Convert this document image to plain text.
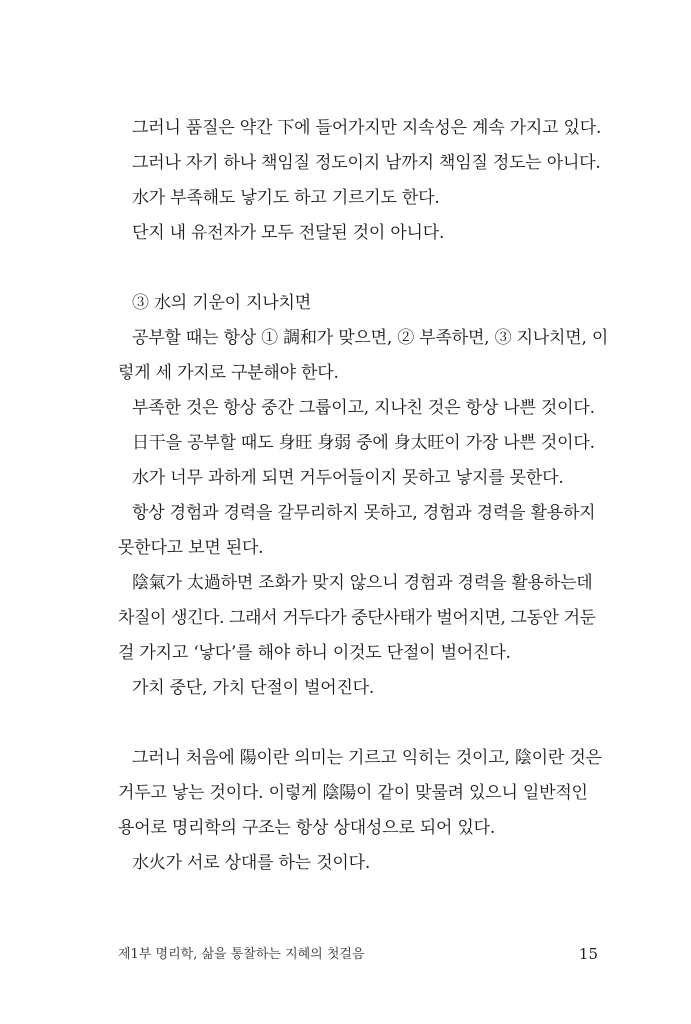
그러니 품질은 약간 下에 들어가지만 지속성은 계속 가지고 있다.
그러나 자기 하나 책임질 정도이지 남까지 책임질 정도는 아니다.
水가 부족해도 낳기도 하고 기르기도 한다.
단지 내 유전자가 모두 전달된 것이 아니다.
③ 水의 기운이 지나치면
공부할 때는 항상 ① 調和가 맞으면, ② 부족하면, ③ 지나치면, 이
렇게 세 가지로 구분해야 한다.
부족한 것은 항상 중간 그룹이고, 지나친 것은 항상 나쁜 것이다.
日干을 공부할 때도 身旺 身弱 중에 身太旺이 가장 나쁜 것이다.
水가 너무 과하게 되면 거두어들이지 못하고 낳지를 못한다.
항상 경험과 경력을 갈무리하지 못하고, 경험과 경력을 활용하지
못한다고 보면 된다.
陰氣가 太過하면 조화가 맞지 않으니 경험과 경력을 활용하는데
차질이 생긴다. 그래서 거두다가 중단사태가 벌어지면, 그동안 거둔
걸 가지고 ‘낳다’를 해야 하니 이것도 단절이 벌어진다.
가치 중단, 가치 단절이 벌어진다.
그러니 처음에 陽이란 의미는 기르고 익히는 것이고, 陰이란 것은
거두고 낳는 것이다. 이렇게 陰陽이 같이 맞물려 있으니 일반적인
용어로 명리학의 구조는 항상 상대성으로 되어 있다.
水火가 서로 상대를 하는 것이다.
제1부 명리학, 삶을 통찰하는 지혜의 첫걸음	15
